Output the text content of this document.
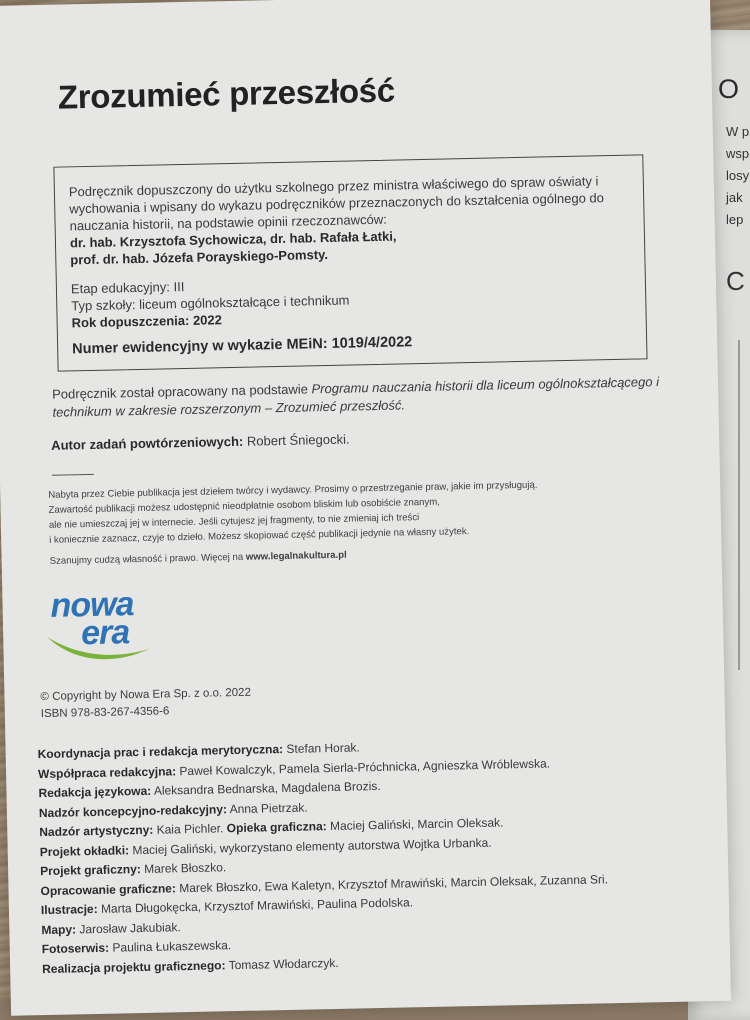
O
W p
wsp
losy
jak
lep
C
Zrozumieć przeszłość

Podręcznik dopuszczony do użytku szkolnego przez ministra właściwego do spraw oświaty i wychowania i wpisany do wykazu podręczników przeznaczonych do kształcenia ogólnego do nauczania historii, na podstawie opinii rzeczoznawców:

dr. hab. Krzysztofa Sychowicza, dr. hab. Rafała Łatki,

prof. dr. hab. Józefa Porayskiego-Pomsty.

Etap edukacyjny: III

Typ szkoły: liceum ogólnokształcące i technikum

Rok dopuszczenia: 2022

Numer ewidencyjny w wykazie MEiN: 1019/4/2022

Podręcznik został opracowany na podstawie Programu nauczania historii dla liceum ogólnokształcącego i technikum w zakresie rozszerzonym – Zrozumieć przeszłość.
Autor zadań powtórzeniowych: Robert Śniegocki.
Nabyta przez Ciebie publikacja jest dziełem twórcy i wydawcy. Prosimy o przestrzeganie praw, jakie im przysługują.
Zawartość publikacji możesz udostępnić nieodpłatnie osobom bliskim lub osobiście znanym,
ale nie umieszczaj jej w internecie. Jeśli cytujesz jej fragmenty, to nie zmieniaj ich treści
i koniecznie zaznacz, czyje to dzieło. Możesz skopiować część publikacji jedynie na własny użytek.
Szanujmy cudzą własność i prawo. Więcej na www.legalnakultura.pl
nowa
era
© Copyright by Nowa Era Sp. z o.o. 2022
ISBN 978-83-267-4356-6
Koordynacja prac i redakcja merytoryczna: Stefan Horak.
Współpraca redakcyjna: Paweł Kowalczyk, Pamela Sierla-Próchnicka, Agnieszka Wróblewska.
Redakcja językowa: Aleksandra Bednarska, Magdalena Brozis.
Nadzór koncepcyjno-redakcyjny: Anna Pietrzak.
Nadzór artystyczny: Kaia Pichler. Opieka graficzna: Maciej Galiński, Marcin Oleksak.
Projekt okładki: Maciej Galiński, wykorzystano elementy autorstwa Wojtka Urbanka.
Projekt graficzny: Marek Błoszko.
Opracowanie graficzne: Marek Błoszko, Ewa Kaletyn, Krzysztof Mrawiński, Marcin Oleksak, Zuzanna Sri.
Ilustracje: Marta Długokęcka, Krzysztof Mrawiński, Paulina Podolska.
Mapy: Jarosław Jakubiak.
Fotoserwis: Paulina Łukaszewska.
Realizacja projektu graficznego: Tomasz Włodarczyk.
